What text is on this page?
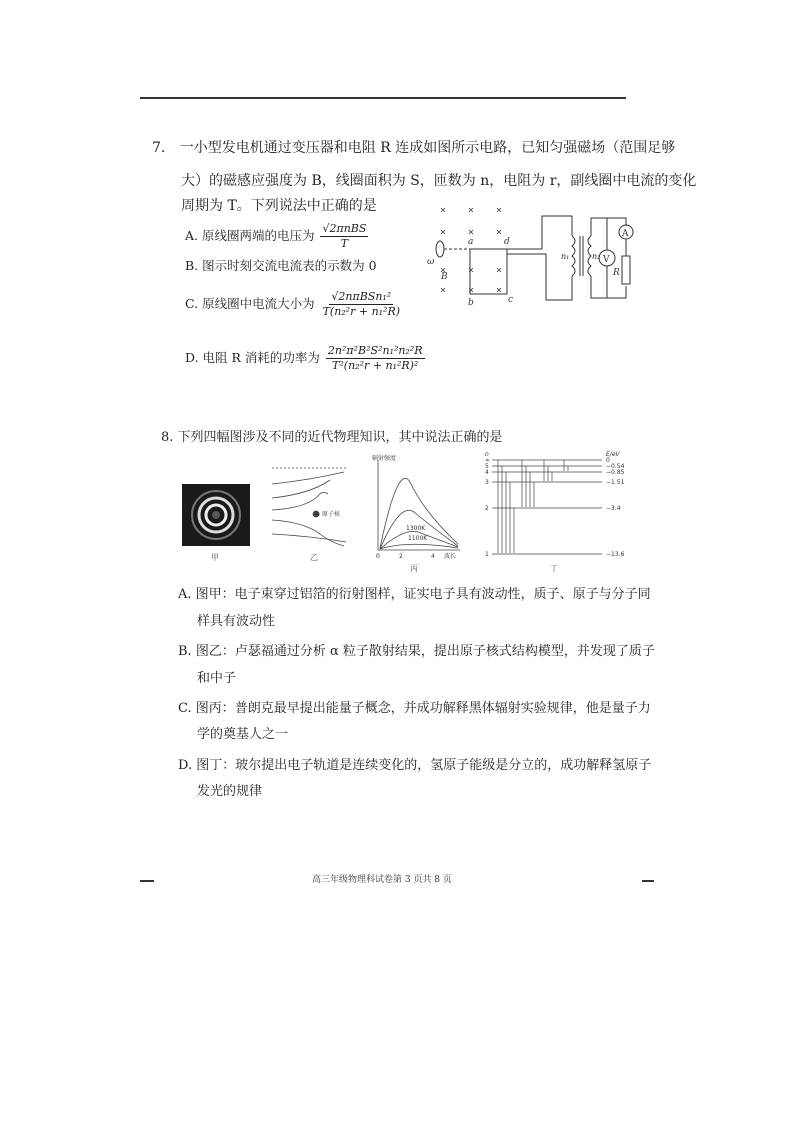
7. 一小型发电机通过变压器和电阻 R 连成如图所示电路，已知匀强磁场（范围足够
大）的磁感应强度为 B，线圈面积为 S，匝数为 n，电阻为 r，副线圈中电流的变化
周期为 T。下列说法中正确的是
A. 原线圈两端的电压为 $\frac{\text{√2πnBS}}{T}$
B. 图示时刻交流电流表的示数为 0
C. 原线圈中电流大小为 $\frac{\text{√2nπBSn₁²}}{\text{T(n₂²r + n₁²R)}}$
D. 电阻 R 消耗的功率为 $\frac{\text{2n²π²B²S²n₁²n₂²R}}{\text{T²(n₂²r + n₁²R)²}}$
ω
B
a	d
b	c
n₁	n₂ V
A
R
8. 下列四幅图涉及不同的近代物理知识，其中说法正确的是
甲
⊕ 原子核
乙
辐射强度
1300K
1100K
0	2	4 波长
丙
n	E/eV
∞
5
4
3
2
1
0
−0.54
−0.85
−1.51
−3.4
−13.6
丁
A. 图甲：电子束穿过铝箔的衍射图样，证实电子具有波动性，质子、原子与分子同
样具有波动性
B. 图乙：卢瑟福通过分析 α 粒子散射结果，提出原子核式结构模型，并发现了质子
和中子
C. 图丙：普朗克最早提出能量子概念，并成功解释黑体辐射实验规律，他是量子力
学的奠基人之一
D. 图丁：玻尔提出电子轨道是连续变化的，氢原子能级是分立的，成功解释氢原子
发光的规律
高三年级物理科试卷第 3 页共 8 页
